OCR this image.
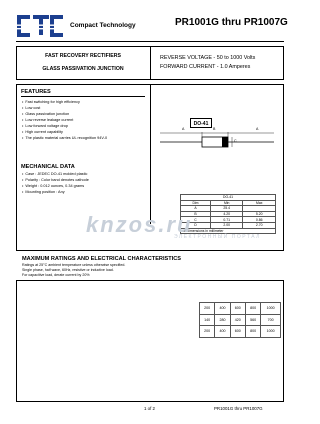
Compact Technology	PR1001G thru PR1007G
FAST RECOVERY RECTIFIERS
GLASS PASSIVATION JUNCTION
REVERSE VOLTAGE - 50 to 1000 Volts
FORWARD CURRENT - 1.0 Amperes
FEATURES
• Fast switching for high efficiency
• Low cost
• Glass passivation junction
• Low reverse leakage current
• Low forward voltage drop
• High current capability
• The plastic material carries UL recognition 94V-0
MECHANICAL DATA
• Case : JEDEC DO-41 molded plastic
• Polarity : Color band denotes cathode
• Weight : 0.012 ounces, 0.34 grams
• Mounting position : Any
DO-41
A	B
C
A
DO-41		
Dim	Min	Max
A	25.4	
B	4.20	5.20
C	0.71	0.86
D	2.00	2.70
All Dimensions in millimeter		
knzos.ru
ЭЛЕКТРОННЫЙ ПОРТАЛ
MAXIMUM RATINGS AND ELECTRICAL CHARACTERISTICS
Ratings at 25°C ambient temperature unless otherwise specified.
Single phase, half wave, 60Hz, resistive or inductive load.
For capacitive load, derate current by 20%
200	400	600	800	1000
140	280	420	560	700
200	400	600	800	1000
1 of 2	PR1001G thru PR1007G
